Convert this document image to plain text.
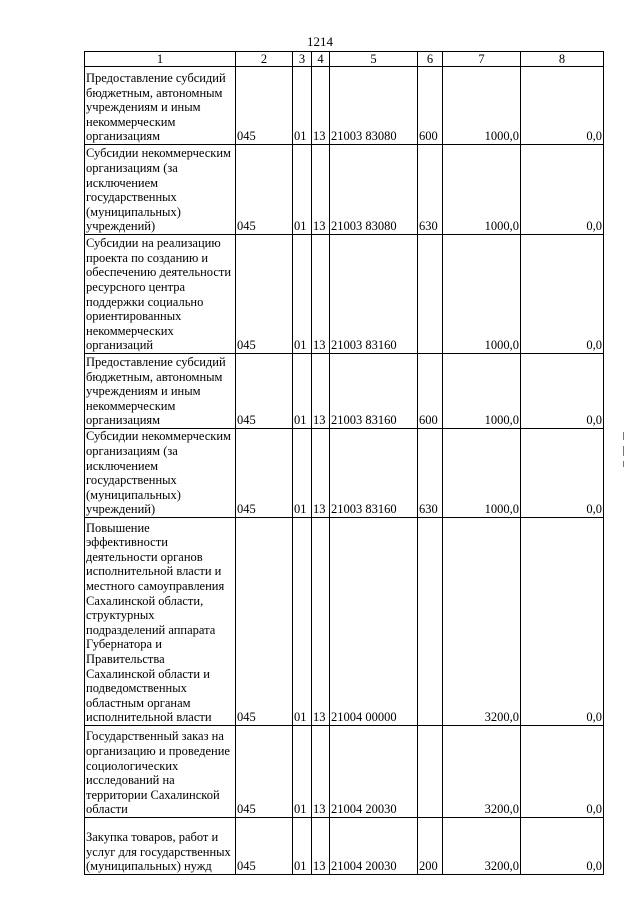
1214
1	2	3	4	5	6	7	8
Предоставление субсидий бюджетным, автономным учреждениям и иным некоммерческим организациям	045	01	13	21003 83080	600	1000,0	0,0
Субсидии некоммерческим организациям (за исключением государственных (муниципальных) учреждений)	045	01	13	21003 83080	630	1000,0	0,0
Субсидии на реализацию проекта по созданию и обеспечению деятельности ресурсного центра поддержки социально ориентированных некоммерческих организаций	045	01	13	21003 83160		1000,0	0,0
Предоставление субсидий бюджетным, автономным учреждениям и иным некоммерческим организациям	045	01	13	21003 83160	600	1000,0	0,0
Субсидии некоммерческим организациям (за исключением государственных (муниципальных) учреждений)	045	01	13	21003 83160	630	1000,0	0,0
Повышение эффективности деятельности органов исполнительной власти и местного самоуправления Сахалинской области, структурных подразделений аппарата Губернатора и Правительства Сахалинской области и подведомственных областным органам исполнительной власти	045	01	13	21004 00000		3200,0	0,0
Государственный заказ на организацию и проведение социологических исследований на территории Сахалинской области	045	01	13	21004 20030		3200,0	0,0
Закупка товаров, работ и услуг для государственных (муниципальных) нужд	045	01	13	21004 20030	200	3200,0	0,0
